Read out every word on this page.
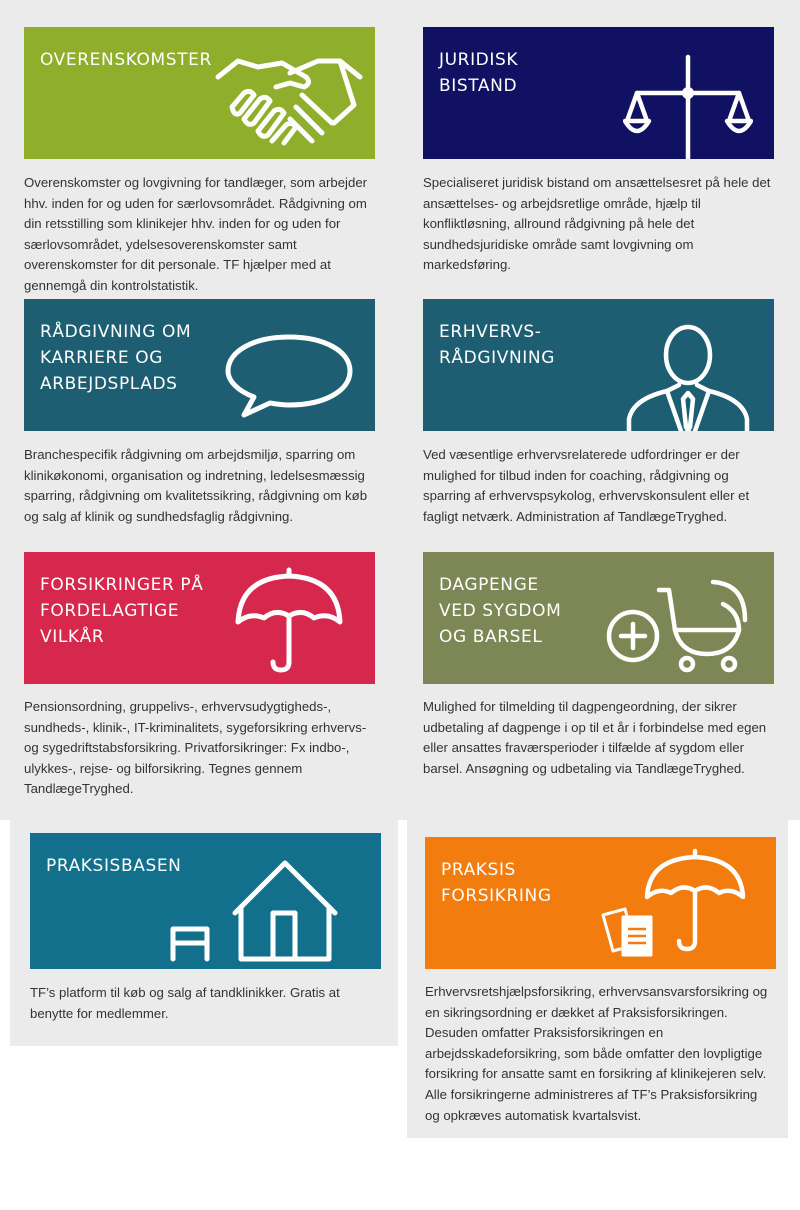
OVERENSKOMSTER
Overenskomster og lovgivning for tandlæger, som arbejder hhv. inden for og uden for særlovsområdet. Rådgivning om din retsstilling som klinikejer hhv. inden for og uden for særlovsområdet, ydelsesoverenskomster samt overenskomster for dit personale. TF hjælper med at gennemgå din kontrolstatistik.
JURIDISK
BISTAND
Specialiseret juridisk bistand om ansættelsesret på hele det ansættelses- og arbejdsretlige område, hjælp til konfliktløsning, allround rådgivning på hele det sundhedsjuridiske område samt lovgivning om markedsføring.
RÅDGIVNING OM
KARRIERE OG
ARBEJDSPLADS
Branchespecifik rådgivning om arbejdsmiljø, sparring om klinikøkonomi, organisation og indretning, ledelsesmæssig sparring, rådgivning om kvalitetssikring, rådgivning om køb og salg af klinik og sundhedsfaglig rådgivning.
ERHVERVS-
RÅDGIVNING
Ved væsentlige erhvervsrelaterede udfordringer er der mulighed for tilbud inden for coaching, rådgivning og sparring af erhvervspsykolog, erhvervskonsulent eller et fagligt netværk. Administration af TandlægeTryghed.
FORSIKRINGER PÅ
FORDELAGTIGE
VILKÅR
Pensionsordning, gruppelivs-, erhvervsudygtigheds-, sundheds-, klinik-, IT-kriminalitets, sygeforsikring erhvervs- og sygedriftstabsforsikring. Privatforsikringer: Fx indbo-, ulykkes-, rejse- og bilforsikring. Tegnes gennem TandlægeTryghed.
DAGPENGE
VED SYGDOM
OG BARSEL
Mulighed for tilmelding til dagpengeordning, der sikrer udbetaling af dagpenge i op til et år i forbindelse med egen eller ansattes fraværsperioder i tilfælde af sygdom eller barsel. Ansøgning og udbetaling via TandlægeTryghed.
PRAKSISBASEN
TF’s platform til køb og salg af tandklinikker. Gratis at benytte for medlemmer.
PRAKSIS
FORSIKRING
Erhvervsretshjælpsforsikring, erhvervsansvarsforsikring og en sikringsordning er dækket af Praksisforsikringen. Desuden omfatter Praksisforsikringen en arbejdsskadeforsikring, som både omfatter den lovpligtige forsikring for ansatte samt en forsikring af klinikejeren selv. Alle forsikringerne administreres af TF’s Praksisforsikring og opkræves automatisk kvartalsvist.
